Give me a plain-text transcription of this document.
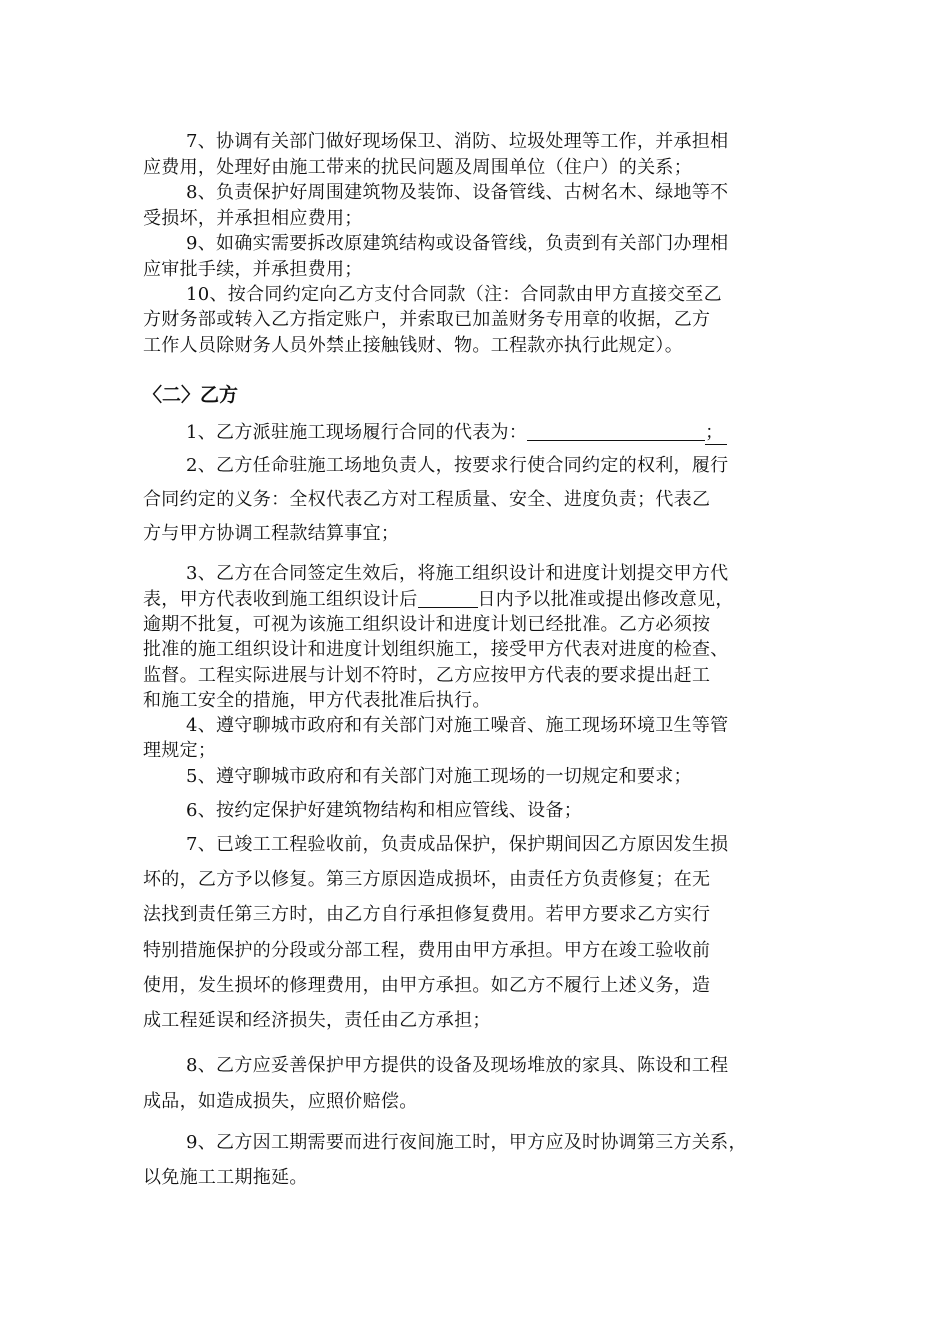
7、协调有关部门做好现场保卫、消防、垃圾处理等工作，并承担相
应费用，处理好由施工带来的扰民问题及周围单位（住户）的关系；
8、负责保护好周围建筑物及装饰、设备管线、古树名木、绿地等不
受损坏，并承担相应费用；
9、如确实需要拆改原建筑结构或设备管线，负责到有关部门办理相
应审批手续，并承担费用；
10、按合同约定向乙方支付合同款（注：合同款由甲方直接交至乙
方财务部或转入乙方指定账户，并索取已加盖财务专用章的收据，乙方
工作人员除财务人员外禁止接触钱财、物。工程款亦执行此规定）。
〈二〉乙方
1、乙方派驻施工现场履行合同的代表为：	；
2、乙方任命驻施工场地负责人，按要求行使合同约定的权利，履行
合同约定的义务：全权代表乙方对工程质量、安全、进度负责；代表乙
方与甲方协调工程款结算事宜；
3、乙方在合同签定生效后，将施工组织设计和进度计划提交甲方代
表，甲方代表收到施工组织设计后	日内予以批准或提出修改意见，
逾期不批复，可视为该施工组织设计和进度计划已经批准。乙方必须按
批准的施工组织设计和进度计划组织施工，接受甲方代表对进度的检查、
监督。工程实际进展与计划不符时，乙方应按甲方代表的要求提出赶工
和施工安全的措施，甲方代表批准后执行。
4、遵守聊城市政府和有关部门对施工噪音、施工现场环境卫生等管
理规定；
5、遵守聊城市政府和有关部门对施工现场的一切规定和要求；
6、按约定保护好建筑物结构和相应管线、设备；
7、已竣工工程验收前，负责成品保护，保护期间因乙方原因发生损
坏的，乙方予以修复。第三方原因造成损坏，由责任方负责修复；在无
法找到责任第三方时，由乙方自行承担修复费用。若甲方要求乙方实行
特别措施保护的分段或分部工程，费用由甲方承担。甲方在竣工验收前
使用，发生损坏的修理费用，由甲方承担。如乙方不履行上述义务，造
成工程延误和经济损失，责任由乙方承担；
8、乙方应妥善保护甲方提供的设备及现场堆放的家具、陈设和工程
成品，如造成损失，应照价赔偿。
9、乙方因工期需要而进行夜间施工时，甲方应及时协调第三方关系，
以免施工工期拖延。
